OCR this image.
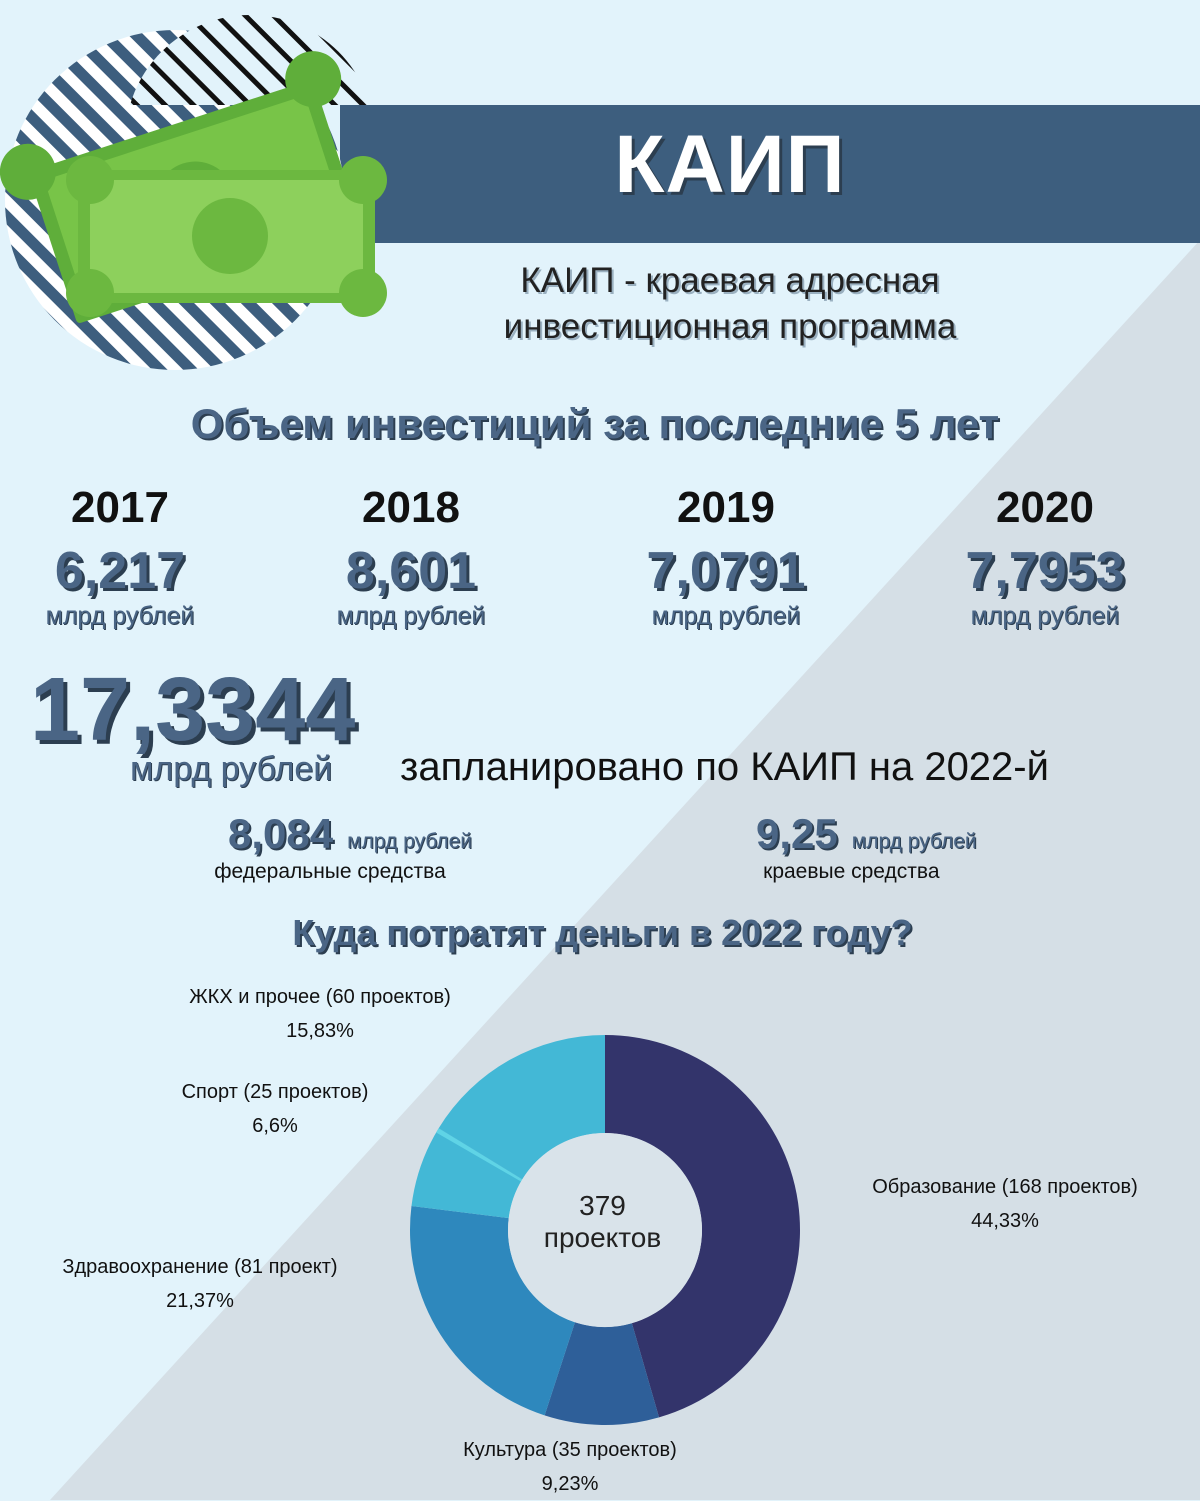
КАИП
КАИП - краевая адресная
инвестиционная программа
Объем инвестиций за последние 5 лет
2017
6,217
млрд рублей
2018
8,601
млрд рублей
2019
7,0791
млрд рублей
2020
7,7953
млрд рублей
17,3344
млрд рублей запланировано по КАИП на 2022-й
8,084 млрд рублей
федеральные средства
9,25 млрд рублей
краевые средства
Куда потратят деньги в 2022 году?
ЖКХ и прочее (60 проектов)
15,83%
Спорт (25 проектов)
6,6%
Образование (168 проектов)
44,33%
Здравоохранение (81 проект)
21,37%
Культура (35 проектов)
9,23%
379
проектов
